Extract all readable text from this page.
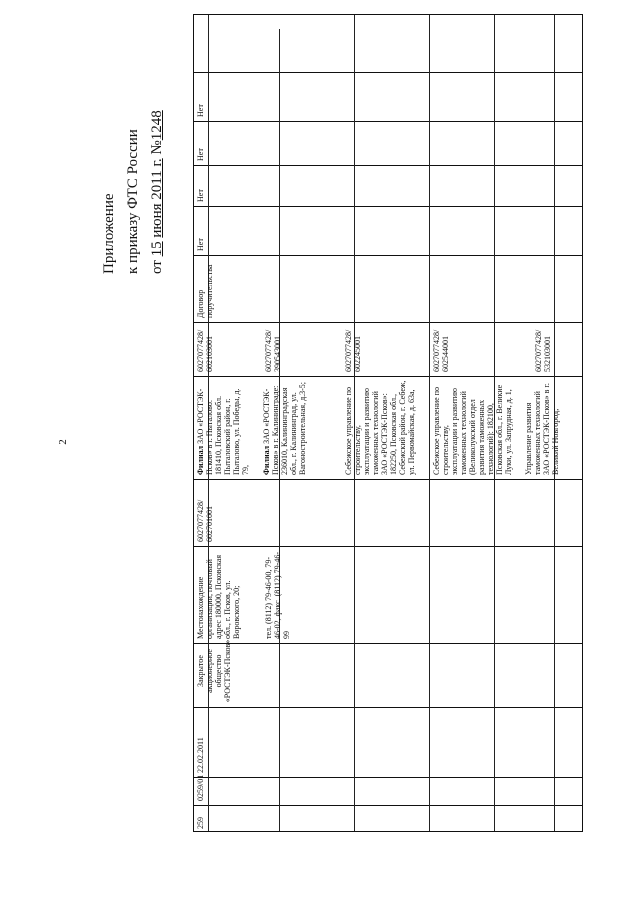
2
Приложение к приказу ФТС России от 15 июня 2011 г. №1248
259
0259/01
22.02.2011
Закрытое акционерное общество «РОСТЭК-Псков»
Местонахождение организации, почтовый адрес 180000, Псковская обл., г. Псков, ул. Воровского, 20;	тел. (8112) 79-46-00, 79-46-02, факс. (8112) 79-46-99
6027077428/ 602701001
Филиал ЗАО «РОСТЭК-Псков» в г. Пыталово: 181410, Псковская обл. Пыталовский район, г. Пыталово, ул. Победы, д. 79, Филиал ЗАО «РОСТЭК-Псков» в г. Калининграде: 236010, Калининградская обл., г. Калининград, ул. Вагоностроительная, д.3-5;	Себежское управление по строительству, эксплуатации и развитию таможенных технологий ЗАО «РОСТЭК-Псков»: 182250, Псковская обл., Себежский район, г. Себеж, ул. Первомайская, д. 63а, Себежское управление по строительству, эксплуатации и развитию таможенных технологий (Великолукский отдел развития таможенных технологий): 182100, Псковская обл., г. Великие Луки, ул. Запрудная, д. 1, Управление развития таможенных технологий ЗАО «РОСТЭК-Псков» в г. Великий Новгород;
6027077428/ 602103001	6027077428/ 390543001	6027077428/ 602245001	6027077428/ 602544001	6027077428/ 532103001
Договор поручительства
Нет
Нет
Нет
Нет
